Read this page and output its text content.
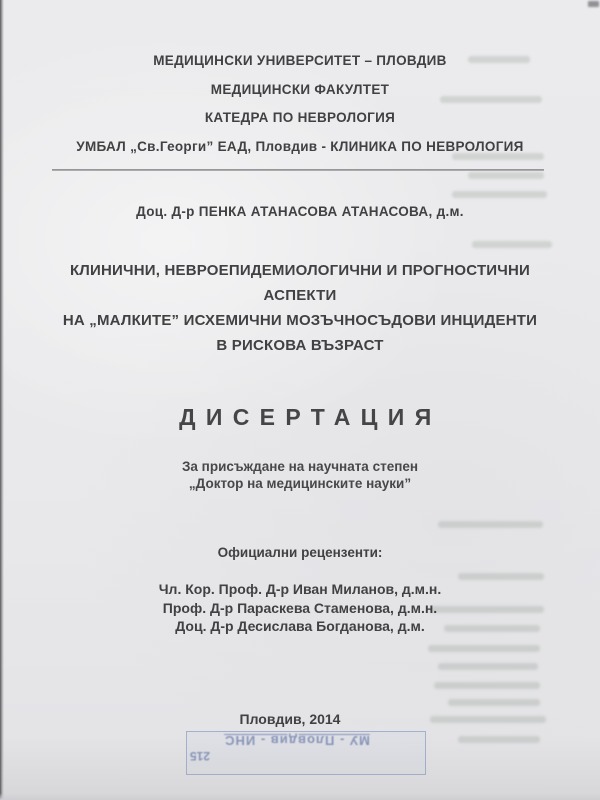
МЕДИЦИНСКИ УНИВЕРСИТЕТ – ПЛОВДИВ
МЕДИЦИНСКИ ФАКУЛТЕТ
КАТЕДРА ПО НЕВРОЛОГИЯ
УМБАЛ „Св.Георги” ЕАД, Пловдив - КЛИНИКА ПО НЕВРОЛОГИЯ
Доц. Д-р ПЕНКА АТАНАСОВА АТАНАСОВА, д.м.
КЛИНИЧНИ, НЕВРОЕПИДЕМИОЛОГИЧНИ И ПРОГНОСТИЧНИ
АСПЕКТИ
НА „МАЛКИТЕ” ИСХЕМИЧНИ МОЗЪЧНОСЪДОВИ ИНЦИДЕНТИ
В РИСКОВА ВЪЗРАСТ
ДИСЕРТАЦИЯ
За присъждане на научната степен
„Доктор на медицинските науки”
Официални рецензенти:
Чл. Кор. Проф. Д-р Иван Миланов, д.м.н.
Проф. Д-р Параскева Стаменова, д.м.н.
Доц. Д-р Десислава Богданова, д.м.
Пловдив, 2014
МУ - Пловдив - ИНС
215
